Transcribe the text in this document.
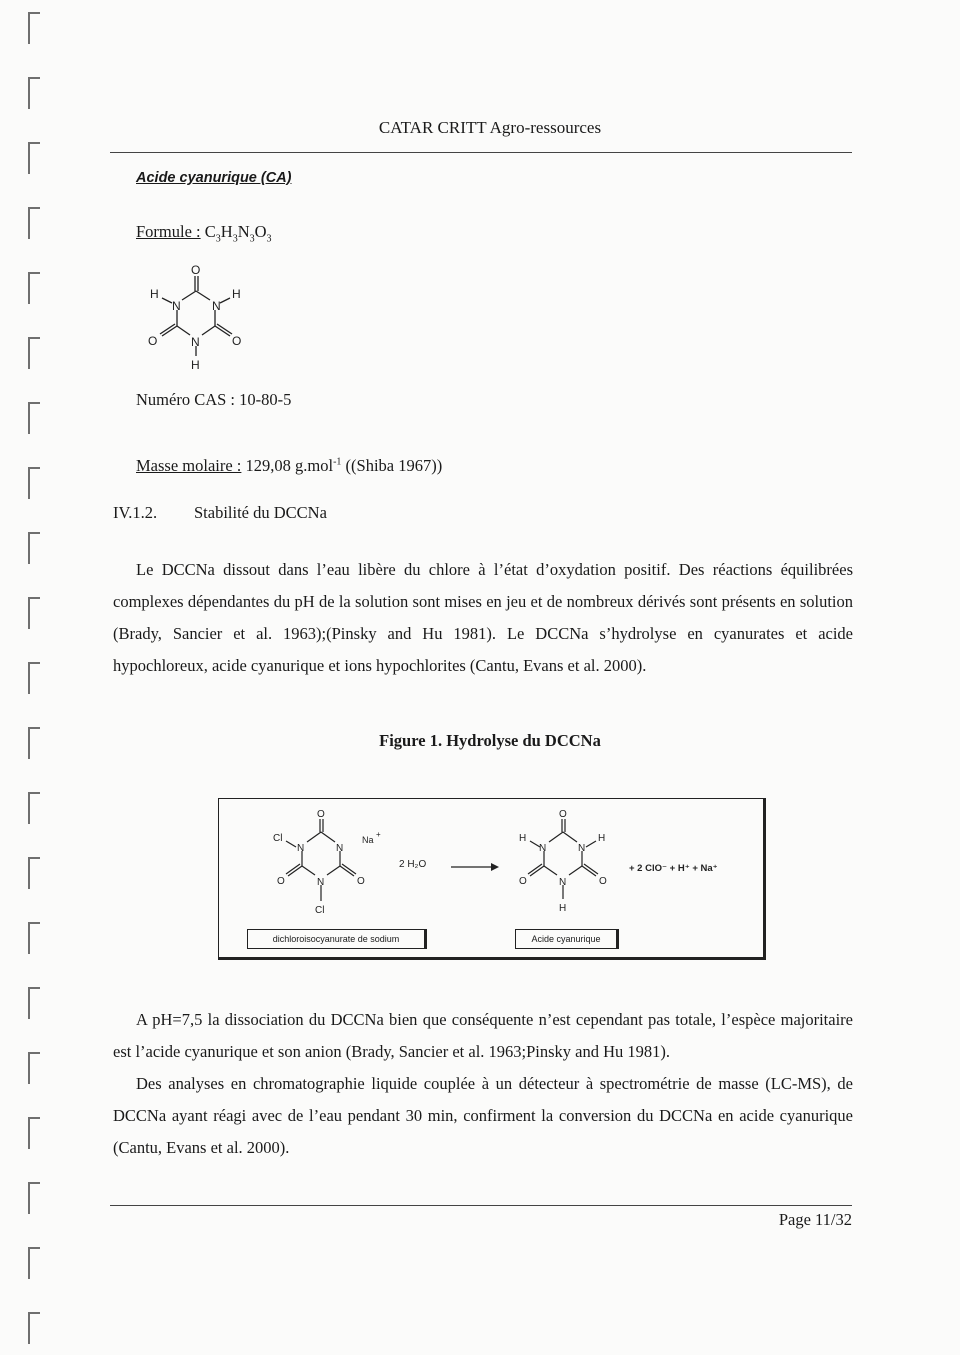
CATAR CRITT Agro-ressources
Acide cyanurique (CA)
Formule : $C_3H_3N_3O_3$
O
H
N	N
H
O	N	O
H
Numéro CAS : 10-80-5
Masse molaire : 129,08 g.mol$^{-1}$ ((Shiba 1967))
IV.1.2. Stabilité du DCCNa
Le DCCNa dissout dans l’eau libère du chlore à l’état d’oxydation positif. Des réactions équilibrées complexes dépendantes du pH de la solution sont mises en jeu et de nombreux dérivés sont présents en solution (Brady, Sancier et al. 1963);(Pinsky and Hu 1981). Le DCCNa s’hydrolyse en cyanurates et acide hypochloreux, acide cyanurique et ions hypochlorites (Cantu, Evans et al. 2000).
Figure 1. Hydrolyse du DCCNa
O
Cl
N	N
Na
+
O	N	O
Cl
2 H₂O
O
H
N	N
H
O	N	O
H
+ 2 ClO⁻ + H⁺ + Na⁺
dichloroisocyanurate de sodium	Acide cyanurique
A pH=7,5 la dissociation du DCCNa bien que conséquente n’est cependant pas totale, l’espèce majoritaire est l’acide cyanurique et son anion (Brady, Sancier et al. 1963;Pinsky and Hu 1981).
Des analyses en chromatographie liquide couplée à un détecteur à spectrométrie de masse (LC-MS), de DCCNa ayant réagi avec de l’eau pendant 30 min, confirment la conversion du DCCNa en acide cyanurique (Cantu, Evans et al. 2000).
Page 11/32
